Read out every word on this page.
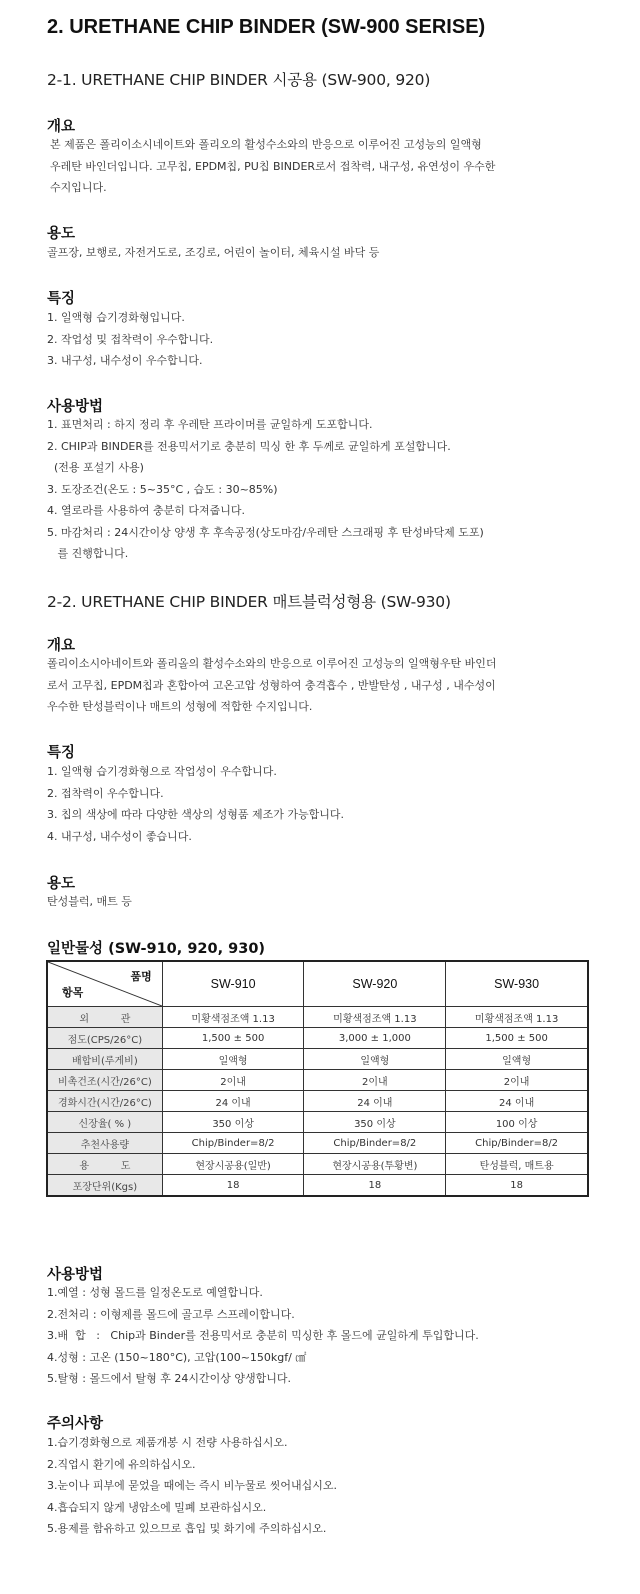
2. URETHANE CHIP BINDER (SW-900 SERISE)
2-1. URETHANE CHIP BINDER 시공용 (SW-900, 920)
개요
본 제품은 폴리이소시네이트와 폴리오의 활성수소와의 반응으로 이루어진 고성능의 일액형
우레탄 바인더입니다. 고무칩, EPDM칩, PU칩 BINDER로서 접착력, 내구성, 유연성이 우수한
수지입니다.
용도
골프장, 보행로, 자전거도로, 조깅로, 어린이 놀이터, 체육시설 바닥 등
특징
1. 일액형 습기경화형입니다.
2. 작업성 및 접착력이 우수합니다.
3. 내구성, 내수성이 우수합니다.
사용방법
1. 표면처리 : 하지 정리 후 우레탄 프라이머를 균일하게 도포합니다.
2. CHIP과 BINDER를 전용믹서기로 충분히 믹싱 한 후 두께로 균일하게 포설합니다.
(전용 포설기 사용)
3. 도장조건(온도 : 5~35°C , 습도 : 30~85%)
4. 열로라를 사용하여 충분히 다져줍니다.
5. 마감처리 : 24시간이상 양생 후 후속공정(상도마감/우레탄 스크래핑 후 탄성바닥제 도포)
를 진행합니다.
2-2. URETHANE CHIP BINDER 매트블럭성형용 (SW-930)
개요
폴리이소시아네이트와 폴리올의 활성수소와의 반응으로 이루어진 고성능의 일액형우탄 바인더
로서 고무칩, EPDM칩과 혼합아여 고온고압 성형하여 충격흡수 , 반발탄성 , 내구성 , 내수성이
우수한 탄성블럭이나 매트의 성형에 적합한 수지입니다.
특징
1. 일액형 습기경화형으로 작업성이 우수합니다.
2. 접착력이 우수합니다.
3. 칩의 색상에 따라 다양한 색상의 성형품 제조가 가능합니다.
4. 내구성, 내수성이 좋습니다.
용도
탄성블럭, 매트 등
일반물성 (SW-910, 920, 930)
품명
항목	SW-910	SW-920	SW-930
외          관	미황색점조액 1.13	미황색점조액 1.13	미황색점조액 1.13
점도(CPS/26°C)	1,500 ± 500	3,000 ± 1,000	1,500 ± 500
배합비(루게비)	일액형	일액형	일액형
비촉건조(시간/26°C)	2이내	2이내	2이내
경화시간(시간/26°C)	24 이내	24 이내	24 이내
신장율( % )	350 이상	350 이상	100 이상
추천사용량	Chip/Binder=8/2	Chip/Binder=8/2	Chip/Binder=8/2
용          도	현장시공용(일반)	현장시공용(투황변)	탄성블럭, 매트용
포장단위(Kgs)	18	18	18
사용방법
1.예열 : 성형 몰드를 일정온도로 예열합니다.
2.전처리 : 이형제를 몰드에 골고루 스프레이합니다.
3.배  합   :   Chip과 Binder를 전용믹서로 충분히 믹싱한 후 몰드에 균일하게 투입합니다.
4.성형 : 고온 (150~180°C), 고압(100~150kgf/ ㎠
5.탈형 : 몰드에서 탈형 후 24시간이상 양생합니다.
주의사항
1.습기경화형으로 제품개봉 시 전량 사용하십시오.
2.직업시 환기에 유의하십시오.
3.눈이나 피부에 묻었을 때에는 즉시 비누물로 씻어내십시오.
4.흡습되지 않게 냉암소에 밀폐 보관하십시오.
5.용제를 함유하고 있으므로 흡입 및 화기에 주의하십시오.
